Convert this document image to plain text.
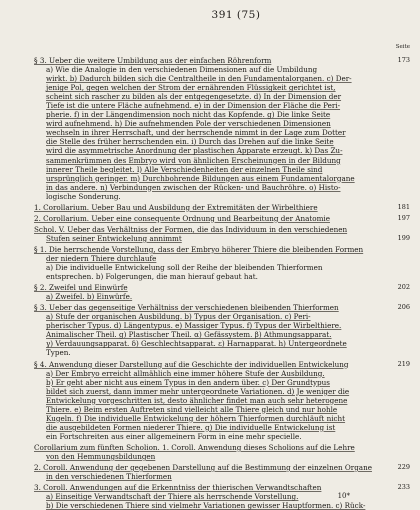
391 (75)
Seite
§ 3. Ueber die weitere Umbildung aus der einfachen Röhrenform	173
a) Wie die Analogie in den verschiedenen Dimensionen auf die Umbildung
wirkt. b) Dadurch bilden sich die Centraltheile in den Fundamentalorganen. c) Der-
jenige Pol, gegen welchen der Strom der ernährenden Flüssigkeit gerichtet ist,
scheint sich rascher zu bilden als der entgegengesetzte. d) In der Dimension der
Tiefe ist die untere Fläche aufnehmend. e) in der Dimension der Fläche die Peri-
pherie. f) in der Längendimension noch nicht das Kopfende. g) Die linke Seite
wird aufnehmend. h) Die aufnehmenden Pole der verschiedenen Dimensionen
wechseln in ihrer Herrschaft, und der herrschende nimmt in der Lage zum Dotter
die Stelle des früher herrschenden ein. i) Durch das Drehen auf die linke Seite
wird die asymmetrische Anordnung der plastischen Apparate erzeugt. k) Das Zu-
sammenkrümmen des Embryo wird von ähnlichen Erscheinungen in der Bildung
innerer Theile begleitet. l) Alle Verschiedenheiten der einzelnen Theile sind
ursprünglich geringer. m) Durchbohrende Bildungen aus einem Fundamentalorgane
in das andere. n) Verbindungen zwischen der Rücken- und Bauchröhre. o) Histo-
logische Sonderung.
1. Corollarium. Ueber Bau und Ausbildung der Extremitäten der Wirbelthiere	181
2. Corollarium. Ueber eine consequente Ordnung und Bearbeitung der Anatomie	197
Schol. V. Ueber das Verhältniss der Formen, die das Individuum in den verschiedenen
Stufen seiner Entwickelung annimmt	199
§ 1. Die herrschende Vorstellung, dass der Embryo höherer Thiere die bleibenden Formen
der niedern Thiere durchlaufe
a) Die individuelle Entwickelung soll der Reihe der bleibenden Thierformen
entsprechen. b) Folgerungen, die man hierauf gebaut hat.
§ 2. Zweifel und Einwürfe	202
a) Zweifel. b) Einwürfe.
§ 3. Ueber das gegenseitige Verhältniss der verschiedenen bleibenden Thierformen	206
a) Stufe der organischen Ausbildung. b) Typus der Organisation. c) Peri-
pherischer Typus. d) Längentypus. e) Massiger Typus. f) Typus der Wirbelthiere.
Animalischer Theil. g) Plastischer Theil. α) Gefässystem. β) Athmungsapparat.
γ) Verdauungsapparat. δ) Geschlechtsapparat. ε) Harnapparat. h) Untergeordnete
Typen.
§ 4. Anwendung dieser Darstellung auf die Geschichte der individuellen Entwickelung	219
a) Der Embryo erreicht allmählich eine immer höhere Stufe der Ausbildung.
b) Er geht aber nicht aus einem Typus in den andern über. c) Der Grundtypus
bildet sich zuerst, dann immer mehr untergeordnete Variationen. d) Je weniger die
Entwickelung vorgeschritten ist, desto ähnlicher findet man auch sehr heterogene
Thiere. e) Beim ersten Auftreten sind vielleicht alle Thiere gleich und nur hohle
Kugeln. f) Die individuelle Entwickelung der höhern Thierformen durchläuft nicht
die ausgebildeten Formen niederer Thiere. g) Die individuelle Entwickelung ist
ein Fortschreiten aus einer allgemeinern Form in eine mehr specielle.
Corollarium zum fünften Scholion. 1. Coroll. Anwendung dieses Scholions auf die Lehre
von den Hemmungsbildungen
2. Coroll. Anwendung der gegebenen Darstellung auf die Bestimmung der einzelnen Organe	229
in den verschiedenen Thierformen
3. Coroll. Anwendungen auf die Erkenntniss der thierischen Verwandtschaften	233
a) Einseitige Verwandtschaft der Thiere als herrschende Vorstellung.
b) Die verschiedenen Thiere sind vielmehr Variationen gewisser Hauptformen. c) Rück-
10*
